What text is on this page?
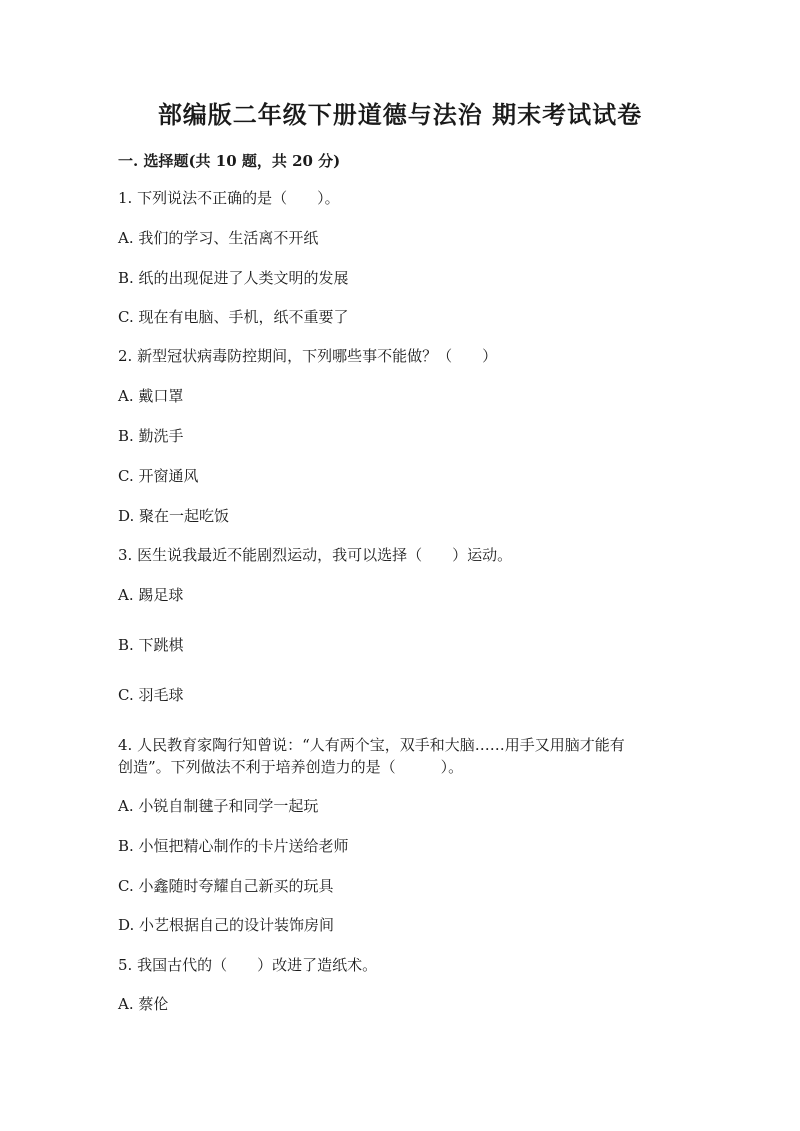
部编版二年级下册道德与法治 期末考试试卷
一. 选择题(共 10 题，共 20 分)
1. 下列说法不正确的是（　　）。
A. 我们的学习、生活离不开纸
B. 纸的出现促进了人类文明的发展
C. 现在有电脑、手机，纸不重要了
2. 新型冠状病毒防控期间，下列哪些事不能做？（　　）
A. 戴口罩
B. 勤洗手
C. 开窗通风
D. 聚在一起吃饭
3. 医生说我最近不能剧烈运动，我可以选择（　　）运动。
A. 踢足球
B. 下跳棋
C. 羽毛球
4. 人民教育家陶行知曾说：“人有两个宝，双手和大脑……用手又用脑才能有
创造”。下列做法不利于培养创造力的是（　　　）。
A. 小锐自制毽子和同学一起玩
B. 小恒把精心制作的卡片送给老师
C. 小鑫随时夸耀自己新买的玩具
D. 小艺根据自己的设计装饰房间
5. 我国古代的（　　）改进了造纸术。
A. 蔡伦
